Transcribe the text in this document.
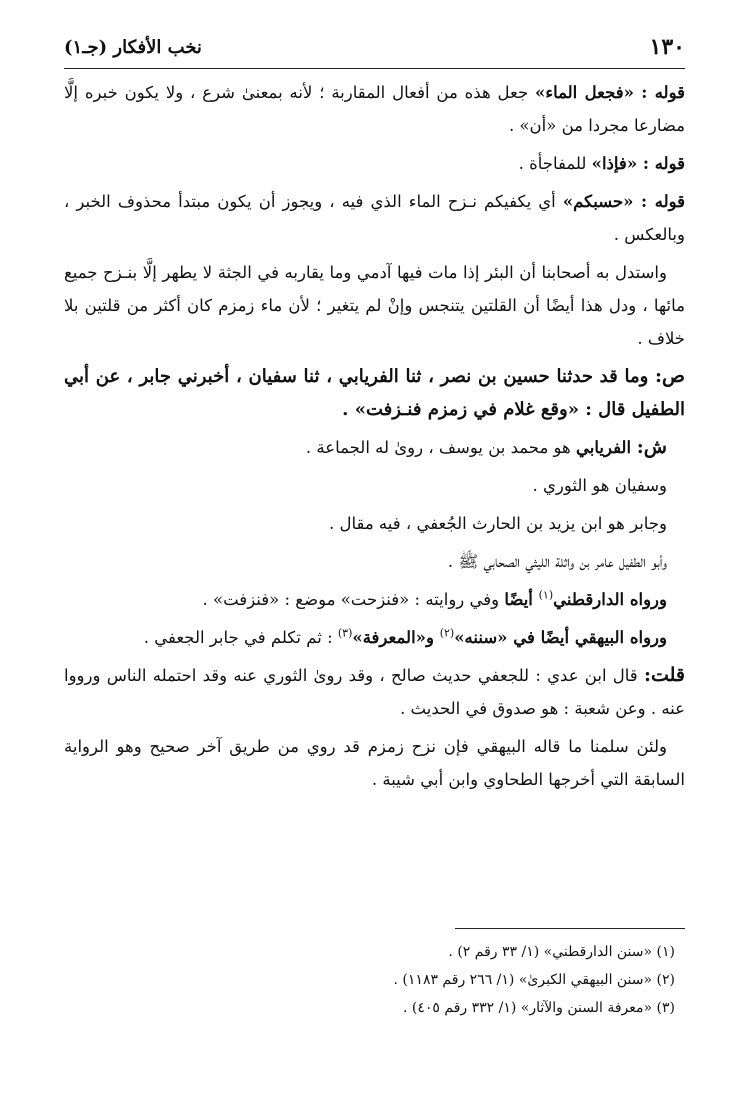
١٣٠
نخب الأفكار (جـ١)

قوله : «فجعل الماء» جعل هذه من أفعال المقاربة ؛ لأنه بمعنىٰ شرع ، ولا يكون خبره إلَّا مضارعا مجردا من «أن» .

قوله : «فإذا» للمفاجأة .

قوله : «حسبكم» أي يكفيكم نـزح الماء الذي فيه ، ويجوز أن يكون مبتدأ محذوف الخبر ، وبالعكس .

واستدل به أصحابنا أن البئر إذا مات فيها آدمي وما يقاربه في الجثة لا يطهر إلَّا بنـزح جميع مائها ، ودل هذا أيضًا أن القلتين يتنجس وإنْ لم يتغير ؛ لأن ماء زمزم كان أكثر من قلتين بلا خلاف .

ص: وما قد حدثنا حسين بن نصر ، ثنا الفريابي ، ثنا سفيان ، أخبرني جابر ، عن أبي الطفيل قال : «وقع غلام في زمزم فنـزفت» .

ش: الفريابي هو محمد بن يوسف ، روىٰ له الجماعة .

وسفيان هو الثوري .

وجابر هو ابن يزيد بن الحارث الجُعفي ، فيه مقال .

وأبو الطفيل عامر بن واثلة الليثي الصحابي ﷺ .

ورواه الدارقطني$^{(١)}$ أيضًا وفي روايته : «فنزحت» موضع : «فنزفت» .

ورواه البيهقي أيضًا في «سننه»$^{(٢)}$ و«المعرفة»$^{(٣)}$ : ثم تكلم في جابر الجعفي .

قلت: قال ابن عدي : للجعفي حديث صالح ، وقد روىٰ الثوري عنه وقد احتمله الناس ورووا عنه . وعن شعبة : هو صدوق في الحديث .

ولئن سلمنا ما قاله البيهقي فإن نزح زمزم قد روي من طريق آخر صحيح وهو الرواية السابقة التي أخرجها الطحاوي وابن أبي شيبة .

(١) «سنن الدارقطني» (١/ ٣٣ رقم ٢) .

(٢) «سنن البيهقي الكبرىٰ» (١/ ٢٦٦ رقم ١١٨٣) .

(٣) «معرفة السنن والآثار» (١/ ٣٣٢ رقم ٤٠٥) .
